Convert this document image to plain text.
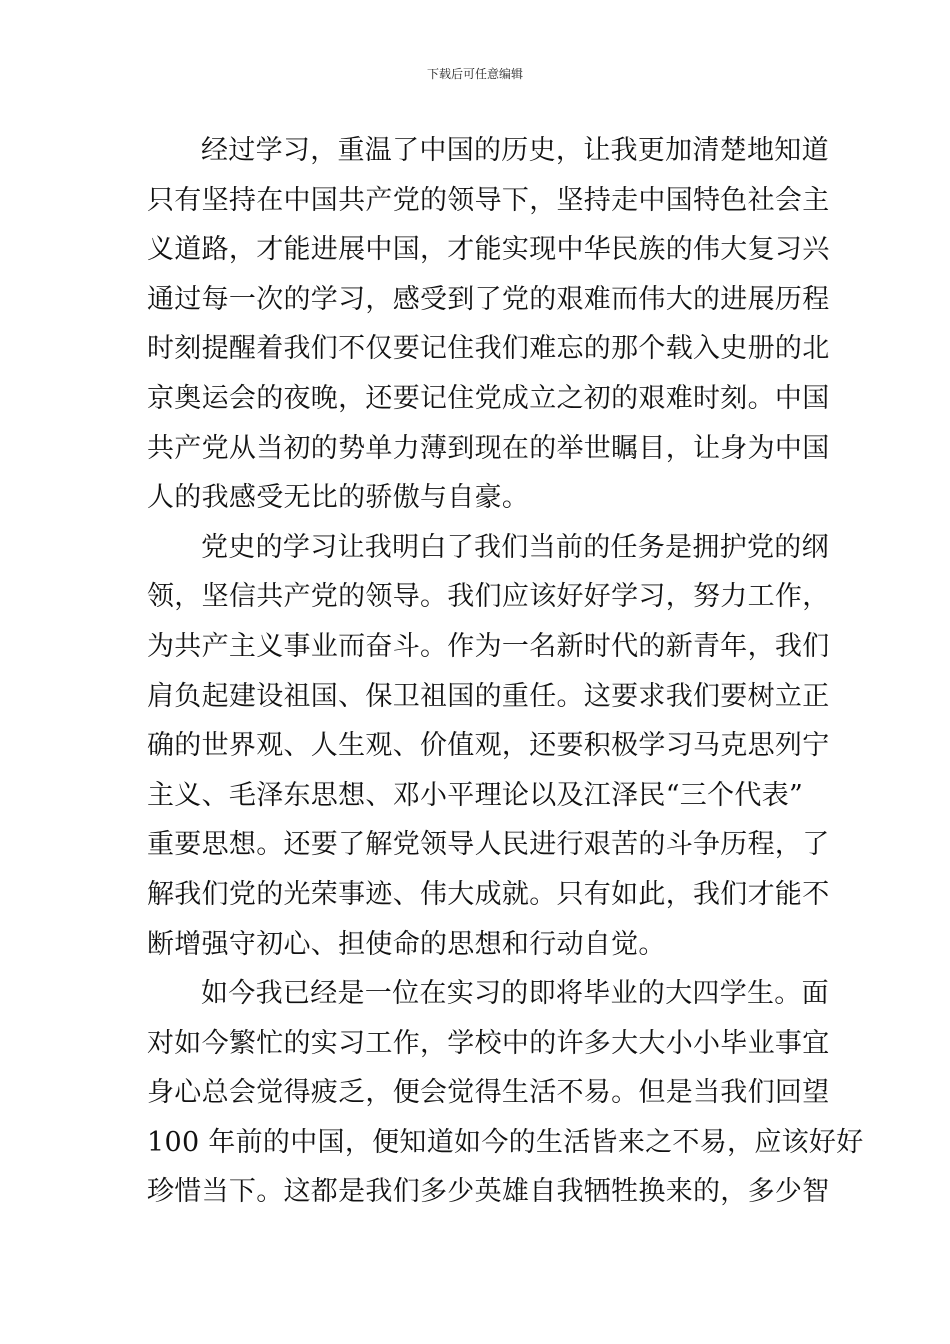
下载后可任意编辑
经过学习，重温了中国的历史，让我更加清楚地知道
只有坚持在中国共产党的领导下，坚持走中国特色社会主
义道路，才能进展中国，才能实现中华民族的伟大复习兴
通过每一次的学习，感受到了党的艰难而伟大的进展历程
时刻提醒着我们不仅要记住我们难忘的那个载入史册的北
京奥运会的夜晚，还要记住党成立之初的艰难时刻。中国
共产党从当初的势单力薄到现在的举世瞩目，让身为中国
人的我感受无比的骄傲与自豪。
党史的学习让我明白了我们当前的任务是拥护党的纲
领，坚信共产党的领导。我们应该好好学习，努力工作，
为共产主义事业而奋斗。作为一名新时代的新青年，我们
肩负起建设祖国、保卫祖国的重任。这要求我们要树立正
确的世界观、人生观、价值观，还要积极学习马克思列宁
主义、毛泽东思想、邓小平理论以及江泽民“三个代表”
重要思想。还要了解党领导人民进行艰苦的斗争历程，了
解我们党的光荣事迹、伟大成就。只有如此，我们才能不
断增强守初心、担使命的思想和行动自觉。
如今我已经是一位在实习的即将毕业的大四学生。面
对如今繁忙的实习工作，学校中的许多大大小小毕业事宜
身心总会觉得疲乏，便会觉得生活不易。但是当我们回望
100 年前的中国，便知道如今的生活皆来之不易，应该好好
珍惜当下。这都是我们多少英雄自我牺牲换来的，多少智
